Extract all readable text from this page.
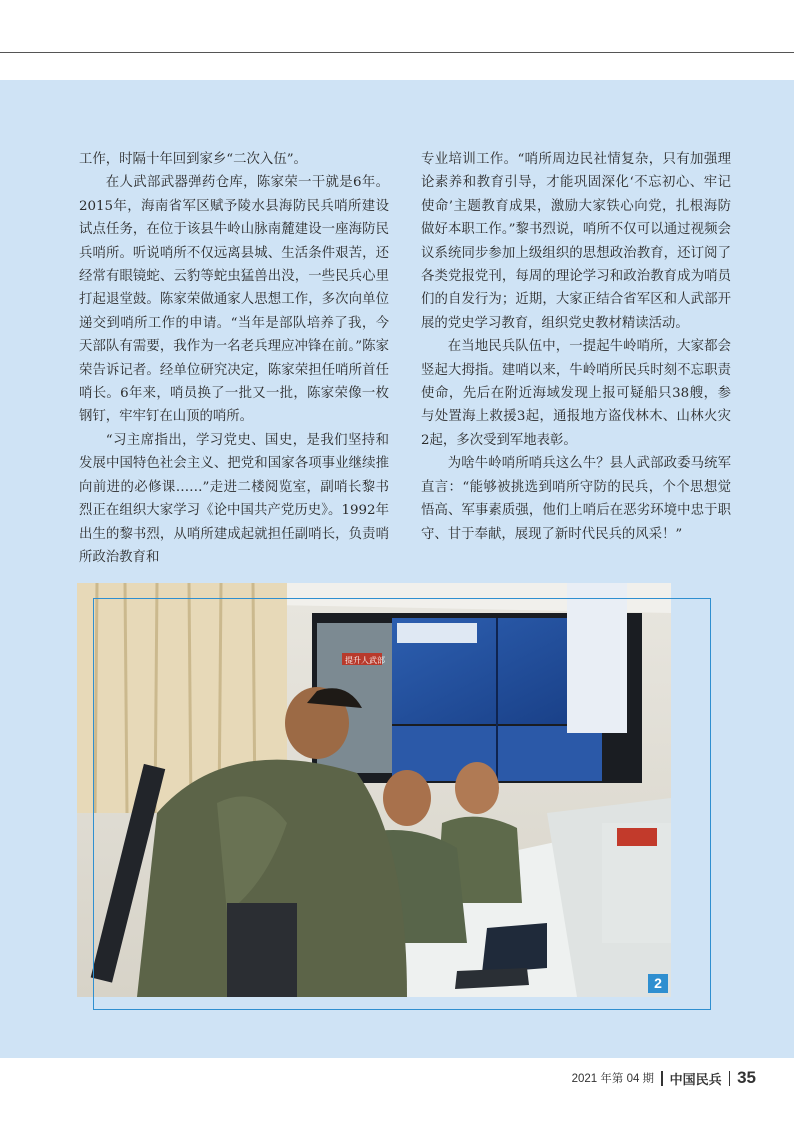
工作，时隔十年回到家乡“二次入伍”。

在人武部武器弹药仓库，陈家荣一干就是6年。2015年，海南省军区赋予陵水县海防民兵哨所建设试点任务，在位于该县牛岭山脉南麓建设一座海防民兵哨所。听说哨所不仅远离县城、生活条件艰苦，还经常有眼镜蛇、云豹等蛇虫猛兽出没，一些民兵心里打起退堂鼓。陈家荣做通家人思想工作，多次向单位递交到哨所工作的申请。“当年是部队培养了我，今天部队有需要，我作为一名老兵理应冲锋在前。”陈家荣告诉记者。经单位研究决定，陈家荣担任哨所首任哨长。6年来，哨员换了一批又一批，陈家荣像一枚钢钉，牢牢钉在山顶的哨所。

“习主席指出，学习党史、国史，是我们坚持和发展中国特色社会主义、把党和国家各项事业继续推向前进的必修课……”走进二楼阅览室，副哨长黎书烈正在组织大家学习《论中国共产党历史》。1992年出生的黎书烈，从哨所建成起就担任副哨长，负责哨所政治教育和

专业培训工作。“哨所周边民社情复杂，只有加强理论素养和教育引导，才能巩固深化‘不忘初心、牢记使命’主题教育成果，激励大家铁心向党，扎根海防做好本职工作。”黎书烈说，哨所不仅可以通过视频会议系统同步参加上级组织的思想政治教育，还订阅了各类党报党刊，每周的理论学习和政治教育成为哨员们的自发行为；近期，大家正结合省军区和人武部开展的党史学习教育，组织党史教材精读活动。

在当地民兵队伍中，一提起牛岭哨所，大家都会竖起大拇指。建哨以来，牛岭哨所民兵时刻不忘职责使命，先后在附近海域发现上报可疑船只38艘，参与处置海上救援3起，通报地方盗伐林木、山林火灾2起，多次受到军地表彰。

为啥牛岭哨所哨兵这么牛？县人武部政委马统军直言：“能够被挑选到哨所守防的民兵，个个思想觉悟高、军事素质强，他们上哨后在恶劣环境中忠于职守、甘于奉献，展现了新时代民兵的风采！”

提升人武部
2
2021 年第 04 期 中国民兵 35
